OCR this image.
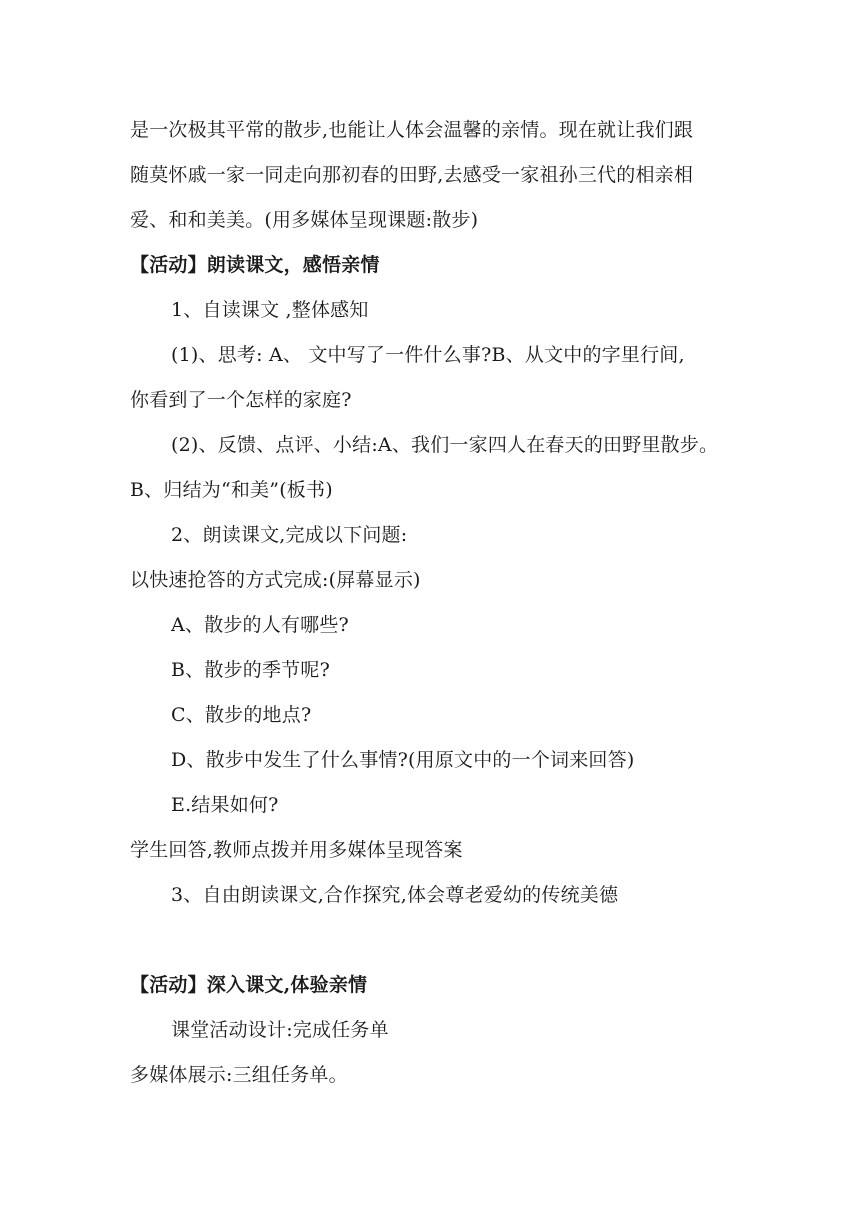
是一次极其平常的散步,也能让人体会温馨的亲情。现在就让我们跟
随莫怀戚一家一同走向那初春的田野,去感受一家祖孙三代的相亲相
爱、和和美美。(用多媒体呈现课题:散步)
【活动】朗读课文，感悟亲情
1、自读课文 ,整体感知
(1)、思考: A、 文中写了一件什么事?B、从文中的字里行间,
你看到了一个怎样的家庭?
(2)、反馈、点评、小结:A、我们一家四人在春天的田野里散步。
B、归结为“和美”(板书)
2、朗读课文,完成以下问题:
以快速抢答的方式完成:(屏幕显示)
A、散步的人有哪些?
B、散步的季节呢?
C、散步的地点?
D、散步中发生了什么事情?(用原文中的一个词来回答)
E.结果如何?
学生回答,教师点拨并用多媒体呈现答案
3、自由朗读课文,合作探究,体会尊老爱幼的传统美德
【活动】深入课文,体验亲情
课堂活动设计:完成任务单
多媒体展示:三组任务单。
